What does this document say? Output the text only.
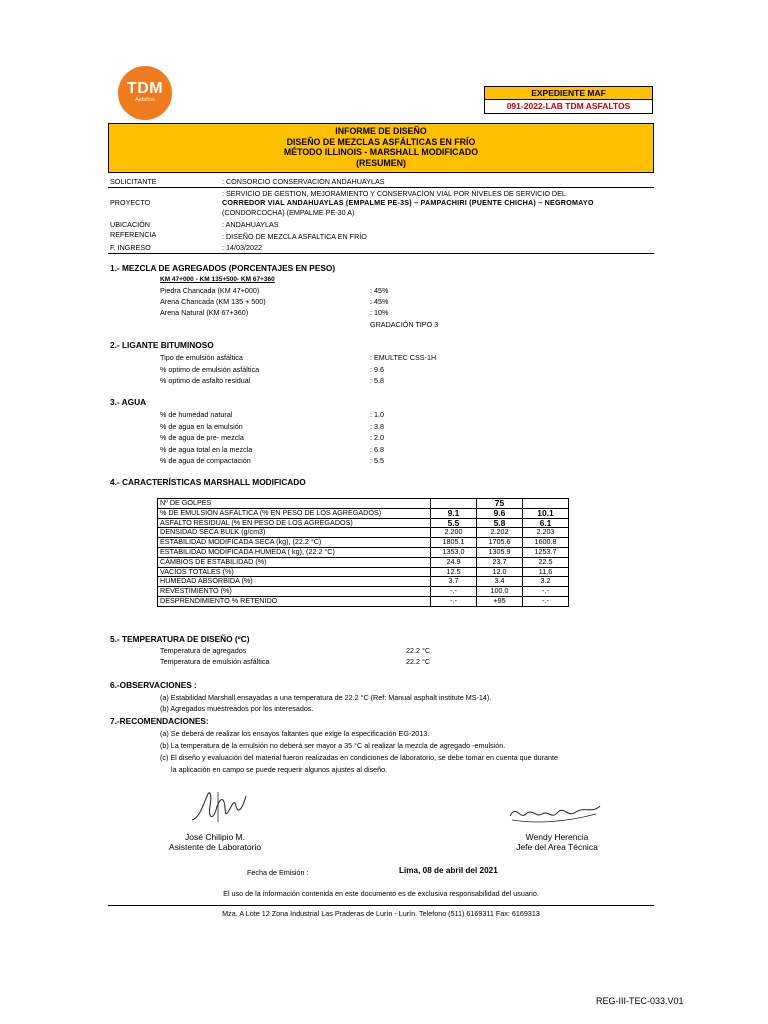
TDM
Asfaltos
EXPEDIENTE MAF
091-2022-LAB TDM ASFALTOS
INFORME DE DISEÑO
DISEÑO DE MEZCLAS ASFÁLTICAS EN FRÍO
MÉTODO ILLINOIS - MARSHALL MODIFICADO
(RESUMEN)
SOLICITANTE	: CONSORCIO CONSERVACION ANDAHUAYLAS
: SERVICIO DE GESTION, MEJORAMIENTO Y CONSERVACION VIAL POR NIVELES DE SERVICIO DEL
PROYECTO	CORREDOR VIAL ANDAHUAYLAS (EMPALME PE-3S) – PAMPACHIRI (PUENTE CHICHA) – NEGROMAYO
(CONDORCOCHA) (EMPALME PE-30 A)
UBICACIÓN	: ANDAHUAYLAS
REFERENCIA	: DISEÑO DE MEZCLA ASFALTICA EN FRÍO
F. INGRESO	: 14/03/2022
1.- MEZCLA DE AGREGADOS (PORCENTAJES EN PESO)
KM 47+000 - KM 135+500- KM 67+360
Piedra Chancada (KM 47+000)	: 45%
Arena Chancada (KM 135 + 500)	: 45%
Arena Natural (KM 67+360)	: 10%
GRADACIÓN TIPO 3
2.- LIGANTE BITUMINOSO
Tipo de emulsión asfáltica	: EMULTEC CSS-1H
% optimo de emulsión asfáltica	: 9.6
% optimo de asfalto residual	: 5.8
3.- AGUA
% de humedad natural	: 1.0
% de agua en la emulsión	: 3.8
% de agua de pre- mezcla	: 2.0
% de agua total en la mezcla	: 6.8
% de agua de compactación	: 5.5
4.- CARACTERÍSTICAS MARSHALL MODIFICADO
Nº DE GOLPES		75	
% DE EMULSIÓN ASFÁLTICA (% EN PESO DE LOS AGREGADOS)	9.1	9.6	10.1
ASFALTO RESIDUAL (% EN PESO DE LOS AGREGADOS)	5.5	5.8	6.1
DENSIDAD SECA BULK (g/cm3)	2.200	2.202	2.203
ESTABILIDAD MODIFICADA SECA (kg), (22.2 °C)	1805.1	1705.6	1600.8
ESTABILIDAD MODIFICADA HUMEDA ( kg), (22.2 °C)	1353.0	1305.9	1253.7
CAMBIOS DE ESTABILIDAD (%)	24.9	23.7	22.5
VACÍOS TOTALES (%)	12.5	12.0	11.6
HUMEDAD ABSORBIDA (%)	3.7	3.4	3.2
REVESTIMIENTO (%)	-.-	100.0	-.-
DESPRENDIMIENTO % RETENIDO	-.-	+95	-.-
5.- TEMPERATURA DE DISEÑO (ºC)
Temperatura de agregados	22.2 °C
Temperatura de emulsión asfáltica	22.2 °C
6.-OBSERVACIONES :
(a) Estabilidad Marshall ensayadas a una temperatura de 22.2 °C (Ref: Manual asphalt institute MS-14).
(b) Agregados muestreados por los interesados.
7.-RECOMENDACIONES:
(a) Se deberá de realizar los ensayos faltantes que exige la especificación EG-2013.
(b) La temperatura de la emulsión no deberá ser mayor a 35 °C al realizar la mezcla de agregado -emulsión.
(c) El diseño y evaluación del material fueron realizadas en condiciones de laboratorio, se debe tomar en cuenta que durante
la aplicación en campo se puede requerir algunos ajustes al diseño.
José Chilipio M.
Asistente de Laboratorio
Wendy Herencia
Jefe del Area Técnica
Fecha de Emisión :	Lima, 08 de abril del 2021
El uso de la información contenida en este documento es de exclusiva responsabilidad del usuario.
Mza. A Lote 12 Zona Industrial Las Praderas de Lurín - Lurín. Telefono (511) 6169311 Fax: 6169313
REG-III-TEC-033.V01
